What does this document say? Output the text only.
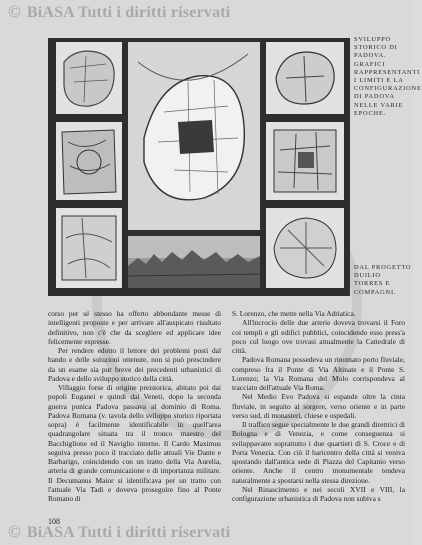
© BiASA Tutti i diritti riservati
© BiASA Tutti i diritti riservati
SVILUPPO STORICO DI PADOVA. GRAFICI RAPPRESENTANTI I LIMITI E LA CONFIGURAZIONE DI PADOVA NELLE VARIE EPOCHE.
DAL PROGETTO DUILIO TORRES E COMPAGNI.

corso per sé stesso ha offerto abbondante messe di intelligenti proposte e per arrivare all'auspicato risultato definitivo, non c'è che da scegliere ed applicare idee felicemente espresse.

Per rendere edotto il lettore dei problemi posti dal bando e delle soluzioni ottenute, non si può prescindere da un esame sia pur breve dei precedenti urbanistici di Padova e dello sviluppo storico della città.

Villaggio forse di origine preistorica, abitato poi dai popoli Euganei e quindi dai Veneti, dopo la seconda guerra punica Padova passava al dominio di Roma. Padova Romana (v. tavola dello sviluppo storico riportata sopra) è facilmente identificabile in quell'area quadrangolare situata tra il tronco maestro del Bacchiglione ed il Naviglio interno. Il Cardo Maximus seguiva presso poco il tracciato delle attuali Vie Dante e Barbarigo, coincidendo con un tratto della Via Aurelia, arteria di grande comunicazione e di importanza militare. Il Decumanus Maior si identificava per un tratto con l'attuale Via Tadi e doveva proseguire fino al Ponte Romano di

S. Lorenzo, che mette nella Via Adriatica.

All'incrocio delle due arterie doveva trovarsi il Foro coi templi e gli edifici pubblici, coincidendo esso press'a poco col luogo ove trovasi attualmente la Cattedrale di città.

Padova Romana possedeva un rinomato porto fluviale, compreso fra il Ponte di Via Altinate e il Ponte S. Lorenzo; la Via Romana del Molo corrispondeva al tracciato dell'attuale Via Roma.

Nel Medio Evo Padova si espande oltre la cinta fluviale, in seguito al sorgere, verso oriente e in parte verso sud, di monasteri, chiese e ospedali.

Il traffico segue specialmente le due grandi direttrici di Bologna e di Venezia, e come conseguenza si sviluppavano soprattutto i due quartieri di S. Croce e di Porta Venezia. Con ciò il baricentro della città si veniva spostando dall'antica sede di Piazza del Capitanio verso oriente. Anche il centro monumentale tendeva naturalmente a spostarsi nella stessa direzione.

Nel Rinascimento e nei secoli XVII e VIII, la configurazione urbanistica di Padova non subiva s

108
